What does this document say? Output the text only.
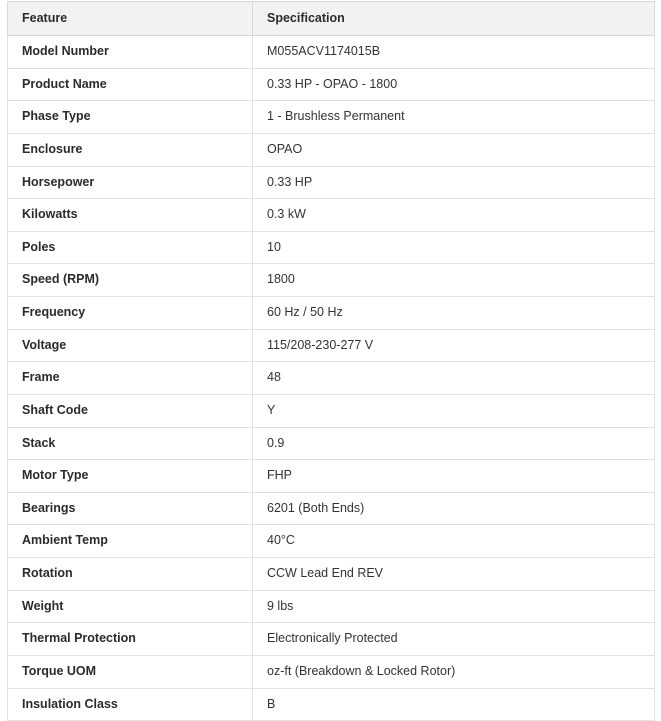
Feature	Specification
Model Number	M055ACV1174015B
Product Name	0.33 HP - OPAO - 1800
Phase Type	1 - Brushless Permanent
Enclosure	OPAO
Horsepower	0.33 HP
Kilowatts	0.3 kW
Poles	10
Speed (RPM)	1800
Frequency	60 Hz / 50 Hz
Voltage	115/208-230-277 V
Frame	48
Shaft Code	Y
Stack	0.9
Motor Type	FHP
Bearings	6201 (Both Ends)
Ambient Temp	40°C
Rotation	CCW Lead End REV
Weight	9 lbs
Thermal Protection	Electronically Protected
Torque UOM	oz-ft (Breakdown & Locked Rotor)
Insulation Class	B
